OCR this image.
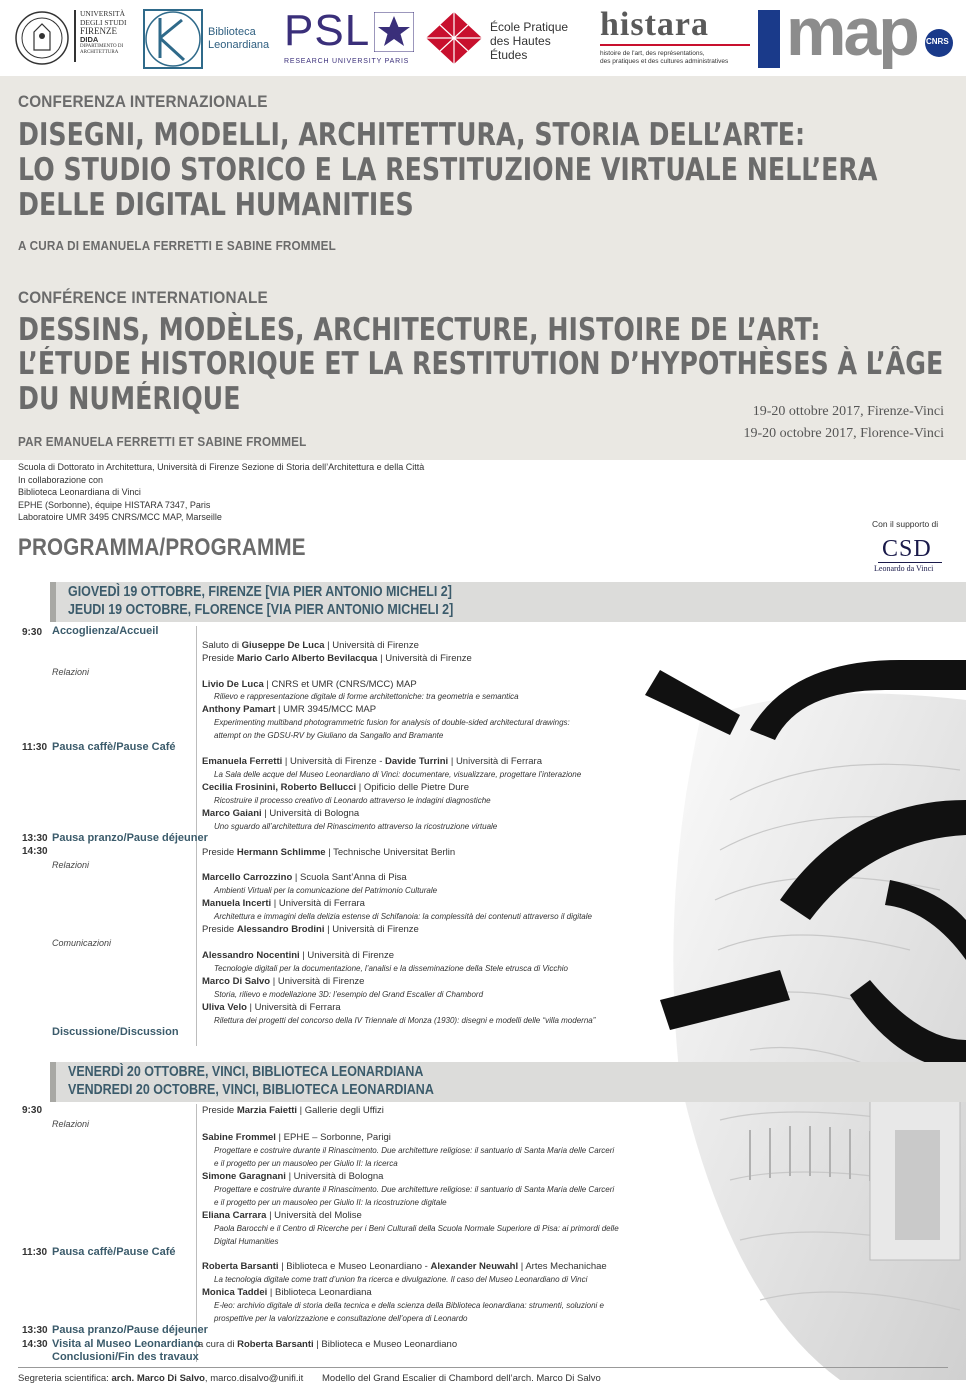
UNIVERSITÀ
DEGLI STUDI
FIRENZE
DIDA
DIPARTIMENTO DI
ARCHITETTURA
Biblioteca
Leonardiana PSL
RESEARCH UNIVERSITY PARIS
École Pratique
des Hautes Études
histara
histoire de l'art, des représentations,
des pratiques et des cultures administratives map CNRS
CONFERENZA INTERNAZIONALE
DISEGNI, MODELLI, ARCHITETTURA, STORIA DELL’ARTE:
LO STUDIO STORICO E LA RESTITUZIONE VIRTUALE NELL’ERA
DELLE DIGITAL HUMANITIES
A CURA DI EMANUELA FERRETTI E SABINE FROMMEL
CONFÉRENCE INTERNATIONALE
DESSINS, MODÈLES, ARCHITECTURE, HISTOIRE DE L’ART:
L’ÉTUDE HISTORIQUE ET LA RESTITUTION D’HYPOTHÈSES À L’ÂGE
DU NUMÉRIQUE
PAR EMANUELA FERRETTI ET SABINE FROMMEL
19-20 ottobre 2017, Firenze-Vinci
19-20 octobre 2017, Florence-Vinci
Scuola di Dottorato in Architettura, Università di Firenze Sezione di Storia dell’Architettura e della Città
In collaborazione con
Biblioteca Leonardiana di Vinci
EPHE (Sorbonne), équipe HISTARA 7347, Paris
Laboratoire UMR 3495 CNRS/MCC MAP, Marseille
PROGRAMMA/PROGRAMME
Con il supporto di
CSD
Leonardo da Vinci
GIOVEDÌ 19 OTTOBRE, FIRENZE [VIA PIER ANTONIO MICHELI 2]
JEUDI 19 OCTOBRE, FLORENCE [VIA PIER ANTONIO MICHELI 2]
9:30 Accoglienza/Accueil
Saluto di Giuseppe De Luca | Università di Firenze
Preside Mario Carlo Alberto Bevilacqua | Università di Firenze
Relazioni
Livio De Luca | CNRS et UMR (CNRS/MCC) MAP
Rilievo e rappresentazione digitale di forme architettoniche: tra geometria e semantica
Anthony Pamart | UMR 3945/MCC MAP
Experimenting multiband photogrammetric fusion for analysis of double-sided architectural drawings:
attempt on the GDSU-RV by Giuliano da Sangallo and Bramante
11:30 Pausa caffè/Pause Café
Emanuela Ferretti | Università di Firenze - Davide Turrini | Università di Ferrara
La Sala delle acque del Museo Leonardiano di Vinci: documentare, visualizzare, progettare l’interazione
Cecilia Frosinini, Roberto Bellucci | Opificio delle Pietre Dure
Ricostruire il processo creativo di Leonardo attraverso le indagini diagnostiche
Marco Gaiani | Università di Bologna
Uno sguardo all’architettura del Rinascimento attraverso la ricostruzione virtuale
13:30 Pausa pranzo/Pause déjeuner
14:30	Preside Hermann Schlimme | Technische Universitat Berlin
Relazioni
Marcello Carrozzino | Scuola Sant’Anna di Pisa
Ambienti Virtuali per la comunicazione del Patrimonio Culturale
Manuela Incerti | Università di Ferrara
Architettura e immagini della delizia estense di Schifanoia: la complessità dei contenuti attraverso il digitale
Preside Alessandro Brodini | Università di Firenze
Comunicazioni
Alessandro Nocentini | Università di Firenze
Tecnologie digitali per la documentazione, l’analisi e la disseminazione della Stele etrusca di Vicchio
Marco Di Salvo | Università di Firenze
Storia, rilievo e modellazione 3D: l’esempio del Grand Escalier di Chambord
Uliva Velo | Università di Ferrara
Rilettura dei progetti del concorso della IV Triennale di Monza (1930): disegni e modelli delle “villa moderna”
Discussione/Discussion
VENERDÌ 20 OTTOBRE, VINCI, BIBLIOTECA LEONARDIANA
VENDREDI 20 OCTOBRE, VINCI, BIBLIOTECA LEONARDIANA
9:30	Preside Marzia Faietti | Gallerie degli Uffizi
Relazioni
Sabine Frommel | EPHE – Sorbonne, Parigi
Progettare e costruire durante il Rinascimento. Due architetture religiose: il santuario di Santa Maria delle Carceri
e il progetto per un mausoleo per Giulio II: la ricerca
Simone Garagnani | Università di Bologna
Progettare e costruire durante il Rinascimento. Due architetture religiose: il santuario di Santa Maria delle Carceri
e il progetto per un mausoleo per Giulio II: la ricostruzione digitale
Eliana Carrara | Università del Molise
Paola Barocchi e il Centro di Ricerche per i Beni Culturali della Scuola Normale Superiore di Pisa: ai primordi delle
Digital Humanities
11:30 Pausa caffè/Pause Café
Roberta Barsanti | Biblioteca e Museo Leonardiano - Alexander Neuwahl | Artes Mechanichae
La tecnologia digitale come tratt d’union fra ricerca e divulgazione. Il caso del Museo Leonardiano di Vinci
Monica Taddei | Biblioteca Leonardiana
E-leo: archivio digitale di storia della tecnica e della scienza della Biblioteca leonardiana: strumenti, soluzioni e
prospettive per la valorizzazione e consultazione dell’opera di Leonardo
13:30 Pausa pranzo/Pause déjeuner
14:30 Visita al Museo Leonardiano
a cura di Roberta Barsanti | Biblioteca e Museo Leonardiano
Conclusioni/Fin des travaux
Segreteria scientifica: arch. Marco Di Salvo, marco.disalvo@unifi.it Modello del Grand Escalier di Chambord dell’arch. Marco Di Salvo
